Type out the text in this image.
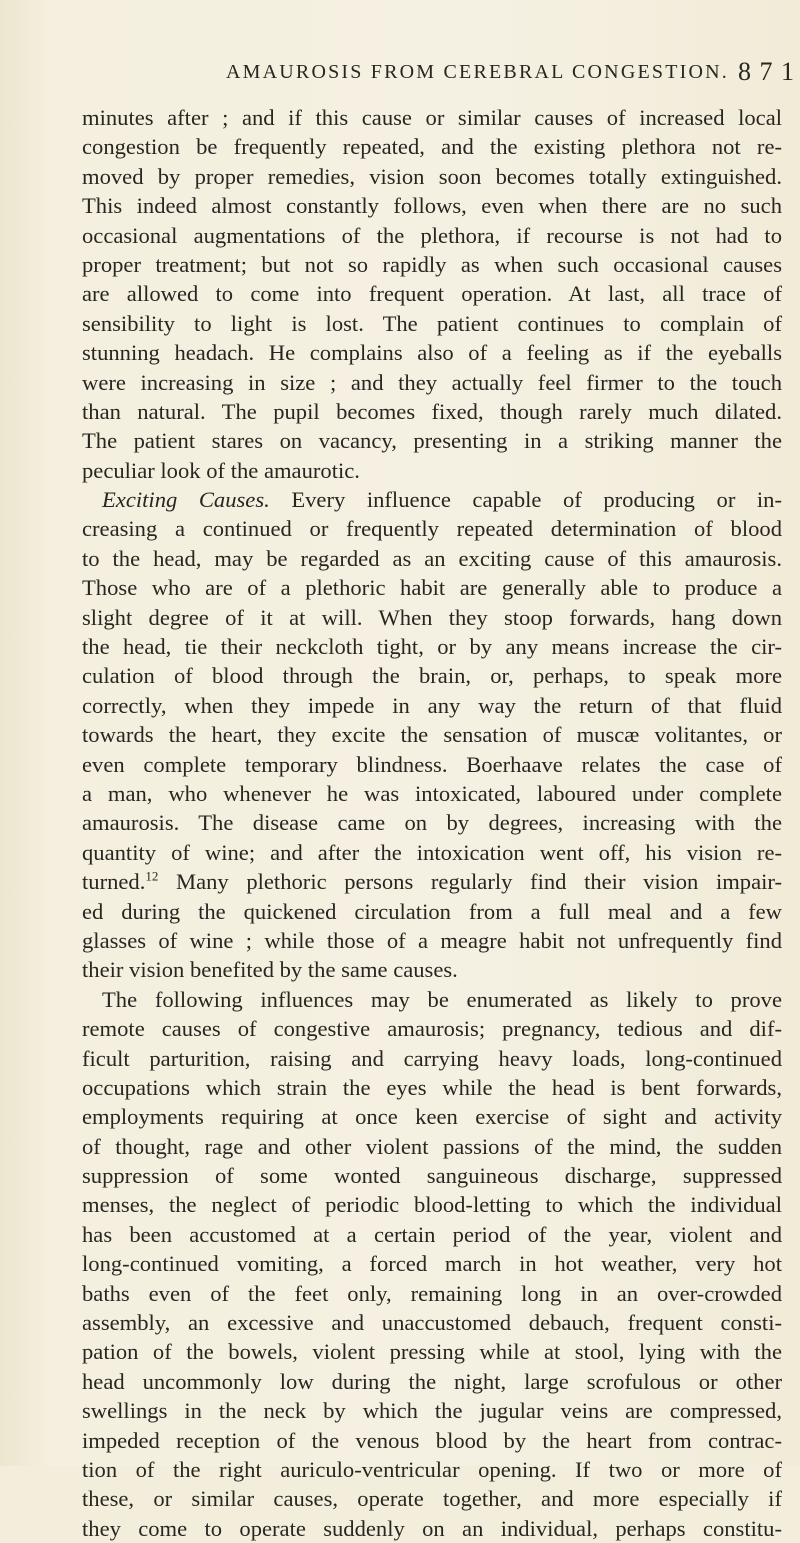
AMAUROSIS FROM CEREBRAL CONGESTION. 8 7 1
minutes after ; and if this cause or similar causes of increased local
congestion be frequently repeated, and the existing plethora not re-
moved by proper remedies, vision soon becomes totally extinguished.
This indeed almost constantly follows, even when there are no such
occasional augmentations of the plethora, if recourse is not had to
proper treatment; but not so rapidly as when such occasional causes
are allowed to come into frequent operation. At last, all trace of
sensibility to light is lost. The patient continues to complain of
stunning headach. He complains also of a feeling as if the eyeballs
were increasing in size ; and they actually feel firmer to the touch
than natural. The pupil becomes fixed, though rarely much dilated.
The patient stares on vacancy, presenting in a striking manner the
peculiar look of the amaurotic.
Exciting Causes. Every influence capable of producing or in-
creasing a continued or frequently repeated determination of blood
to the head, may be regarded as an exciting cause of this amaurosis.
Those who are of a plethoric habit are generally able to produce a
slight degree of it at will. When they stoop forwards, hang down
the head, tie their neckcloth tight, or by any means increase the cir-
culation of blood through the brain, or, perhaps, to speak more
correctly, when they impede in any way the return of that fluid
towards the heart, they excite the sensation of muscæ volitantes, or
even complete temporary blindness. Boerhaave relates the case of
a man, who whenever he was intoxicated, laboured under complete
amaurosis. The disease came on by degrees, increasing with the
quantity of wine; and after the intoxication went off, his vision re-
turned.$^{12}$ Many plethoric persons regularly find their vision impair-
ed during the quickened circulation from a full meal and a few
glasses of wine ; while those of a meagre habit not unfrequently find
their vision benefited by the same causes.
The following influences may be enumerated as likely to prove
remote causes of congestive amaurosis; pregnancy, tedious and dif-
ficult parturition, raising and carrying heavy loads, long-continued
occupations which strain the eyes while the head is bent forwards,
employments requiring at once keen exercise of sight and activity
of thought, rage and other violent passions of the mind, the sudden
suppression of some wonted sanguineous discharge, suppressed
menses, the neglect of periodic blood-letting to which the individual
has been accustomed at a certain period of the year, violent and
long-continued vomiting, a forced march in hot weather, very hot
baths even of the feet only, remaining long in an over-crowded
assembly, an excessive and unaccustomed debauch, frequent consti-
pation of the bowels, violent pressing while at stool, lying with the
head uncommonly low during the night, large scrofulous or other
swellings in the neck by which the jugular veins are compressed,
impeded reception of the venous blood by the heart from contrac-
tion of the right auriculo-ventricular opening. If two or more of
these, or similar causes, operate together, and more especially if
they come to operate suddenly on an individual, perhaps constitu-
